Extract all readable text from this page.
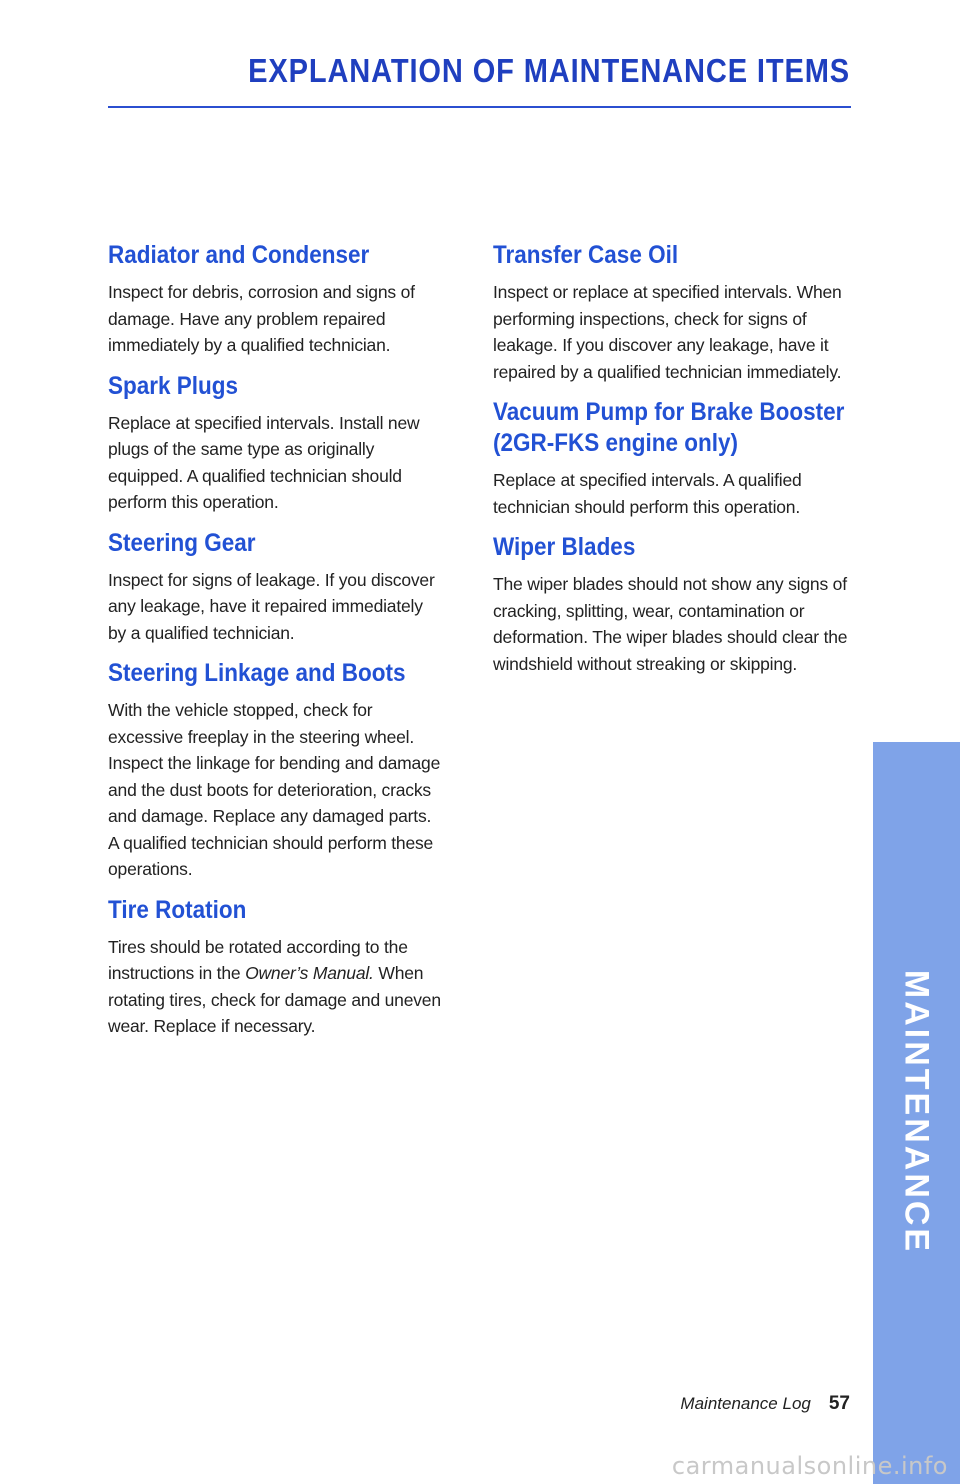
EXPLANATION OF MAINTENANCE ITEMS
Radiator and Condenser

Inspect for debris, corrosion and signs of damage. Have any problem repaired immediately by a qualified technician.

Spark Plugs

Replace at specified intervals. Install new plugs of the same type as originally equipped. A qualified technician should perform this operation.

Steering Gear

Inspect for signs of leakage. If you discover any leakage, have it repaired immediately by a qualified technician.

Steering Linkage and Boots

With the vehicle stopped, check for excessive freeplay in the steering wheel. Inspect the linkage for bending and damage and the dust boots for deterioration, cracks and damage. Replace any damaged parts. A qualified technician should perform these operations.

Tire Rotation

Tires should be rotated according to the instructions in the Owner’s Manual. When rotating tires, check for damage and uneven wear. Replace if necessary.

Transfer Case Oil

Inspect or replace at specified intervals. When performing inspections, check for signs of leakage. If you discover any leakage, have it repaired by a qualified technician immediately.

Vacuum Pump for Brake Booster (2GR-FKS engine only)

Replace at specified intervals. A qualified technician should perform this operation.

Wiper Blades

The wiper blades should not show any signs of cracking, splitting, wear, contamination or deformation. The wiper blades should clear the windshield without streaking or skipping.

MAINTENANCE
Maintenance Log 57
carmanualsonline.info
